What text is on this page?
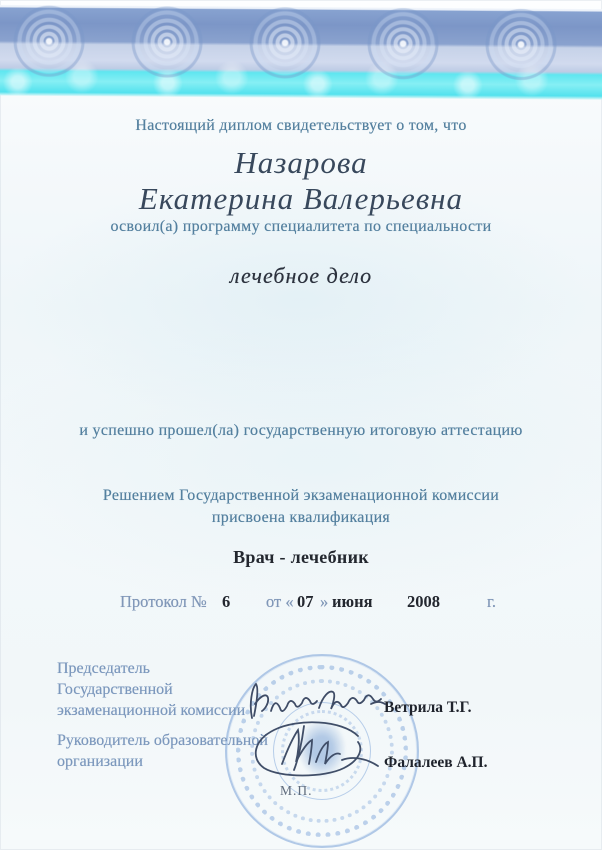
Настоящий диплом свидетельствует о том, что
Назарова
Екатерина Валерьевна
освоил(а) программу специалитета по специальности
лечебное дело
и успешно прошел(ла) государственную итоговую аттестацию
Решением Государственной экзаменационной комиссии
присвоена квалификация
Врач - лечебник
Протокол № 6 от « 07 » июня 2008	г.
Председатель
Государственной
экзаменационной комиссии
Руководитель образовательной
организации
Ветрила Т.Г.
Фалалеев А.П.
М.П.
